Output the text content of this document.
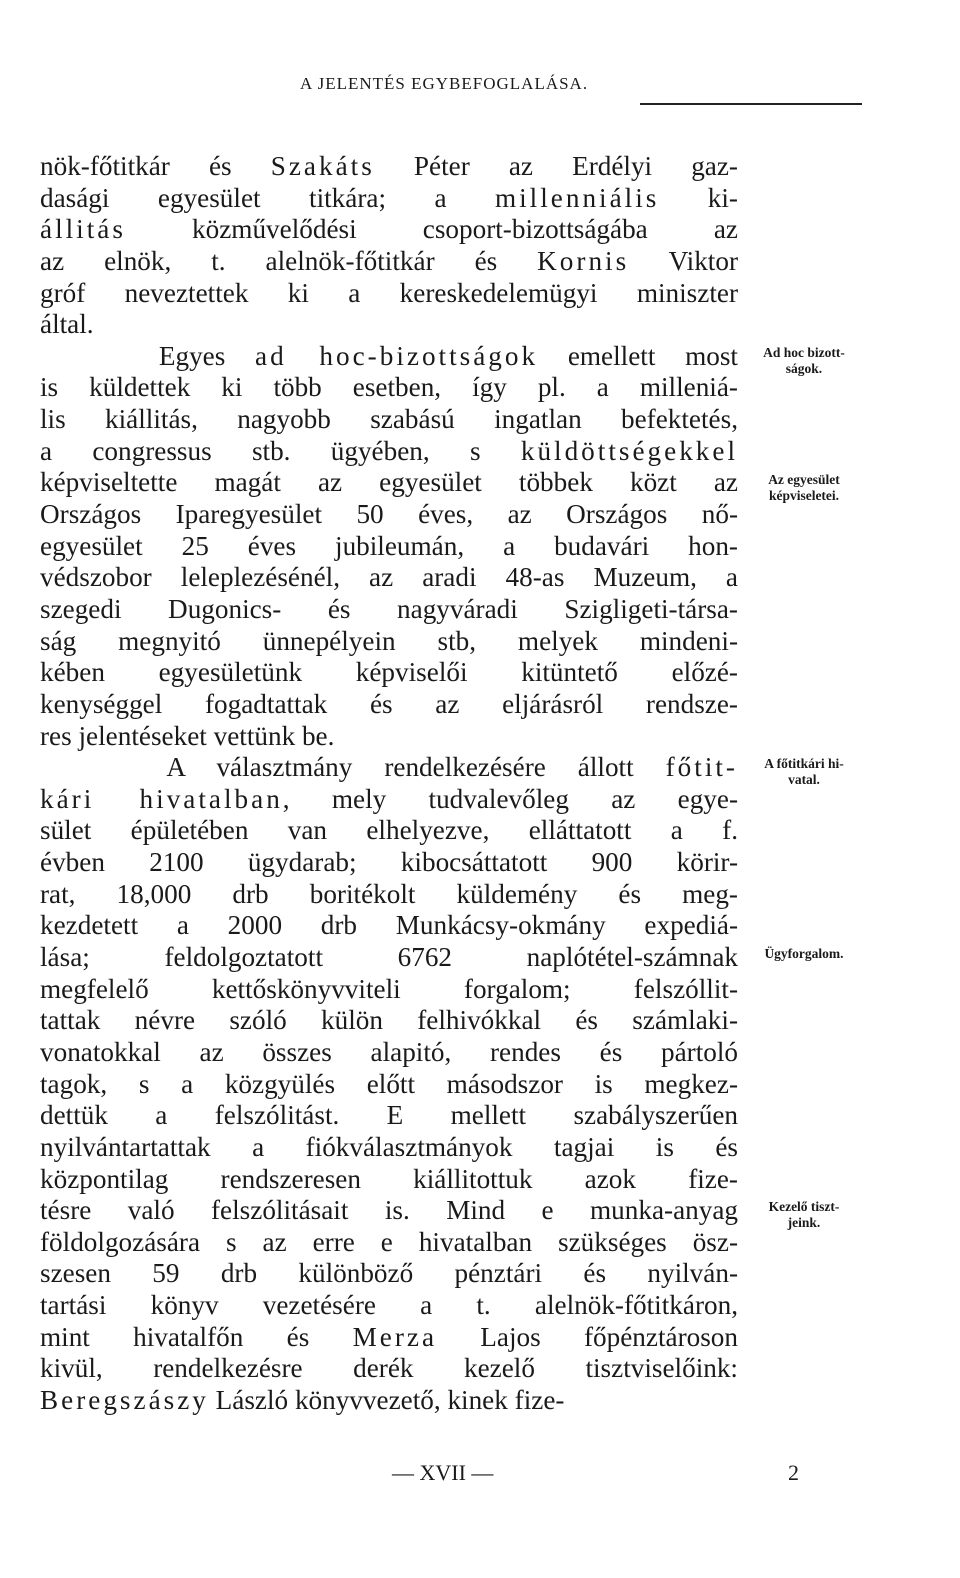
A JELENTÉS EGYBEFOGLALÁSA.
nök-főtitkár és Szakáts Péter az Erdélyi gaz-
dasági egyesület titkára; a millenniális ki-
állitás közművelődési csoport-bizottságába az
az elnök, t. alelnök-főtitkár és Kornis Viktor
gróf neveztettek ki a kereskedelemügyi miniszter
által.
Egyes ad hoc-bizottságok emellett most
is küldettek ki több esetben, így pl. a milleniá-
lis kiállitás, nagyobb szabású ingatlan befektetés,
a congressus stb. ügyében, s küldöttségekkel
képviseltette magát az egyesület többek közt az
Országos Iparegyesület 50 éves, az Országos nő-
egyesület 25 éves jubileumán, a budavári hon-
védszobor leleplezésénél, az aradi 48-as Muzeum, a
szegedi Dugonics- és nagyváradi Szigligeti-társa-
ság megnyitó ünnepélyein stb, melyek mindeni-
kében egyesületünk képviselői kitüntető előzé-
kenységgel fogadtattak és az eljárásról rendsze-
res jelentéseket vettünk be.
A választmány rendelkezésére állott főtit-
kári hivatalban, mely tudvalevőleg az egye-
sület épületében van elhelyezve, elláttatott a f.
évben 2100 ügydarab; kibocsáttatott 900 körir-
rat, 18,000 drb boritékolt küldemény és meg-
kezdetett a 2000 drb Munkácsy-okmány expediá-
lása; feldolgoztatott 6762 naplótétel-számnak
megfelelő kettőskönyvviteli forgalom; felszóllit-
tattak névre szóló külön felhivókkal és számlaki-
vonatokkal az összes alapitó, rendes és pártoló
tagok, s a közgyülés előtt másodszor is megkez-
dettük a felszólitást. E mellett szabályszerűen
nyilvántartattak a fiókválasztmányok tagjai is és
központilag rendszeresen kiállitottuk azok fize-
tésre való felszólitásait is. Mind e munka-anyag
földolgozására s az erre e hivatalban szükséges ösz-
szesen 59 drb különböző pénztári és nyilván-
tartási könyv vezetésére a t. alelnök-főtitkáron,
mint hivatalfőn és Merza Lajos főpénztároson
kivül, rendelkezésre derék kezelő tisztviselőink:
Beregszászy László könyvvezető, kinek fize-
Ad hoc bizott-
ságok.
Az egyesület
képviseletei.
A főtitkári hi-
vatal.
Ügyforgalom.
Kezelő tiszt-
jeink.
— XVII —	2
